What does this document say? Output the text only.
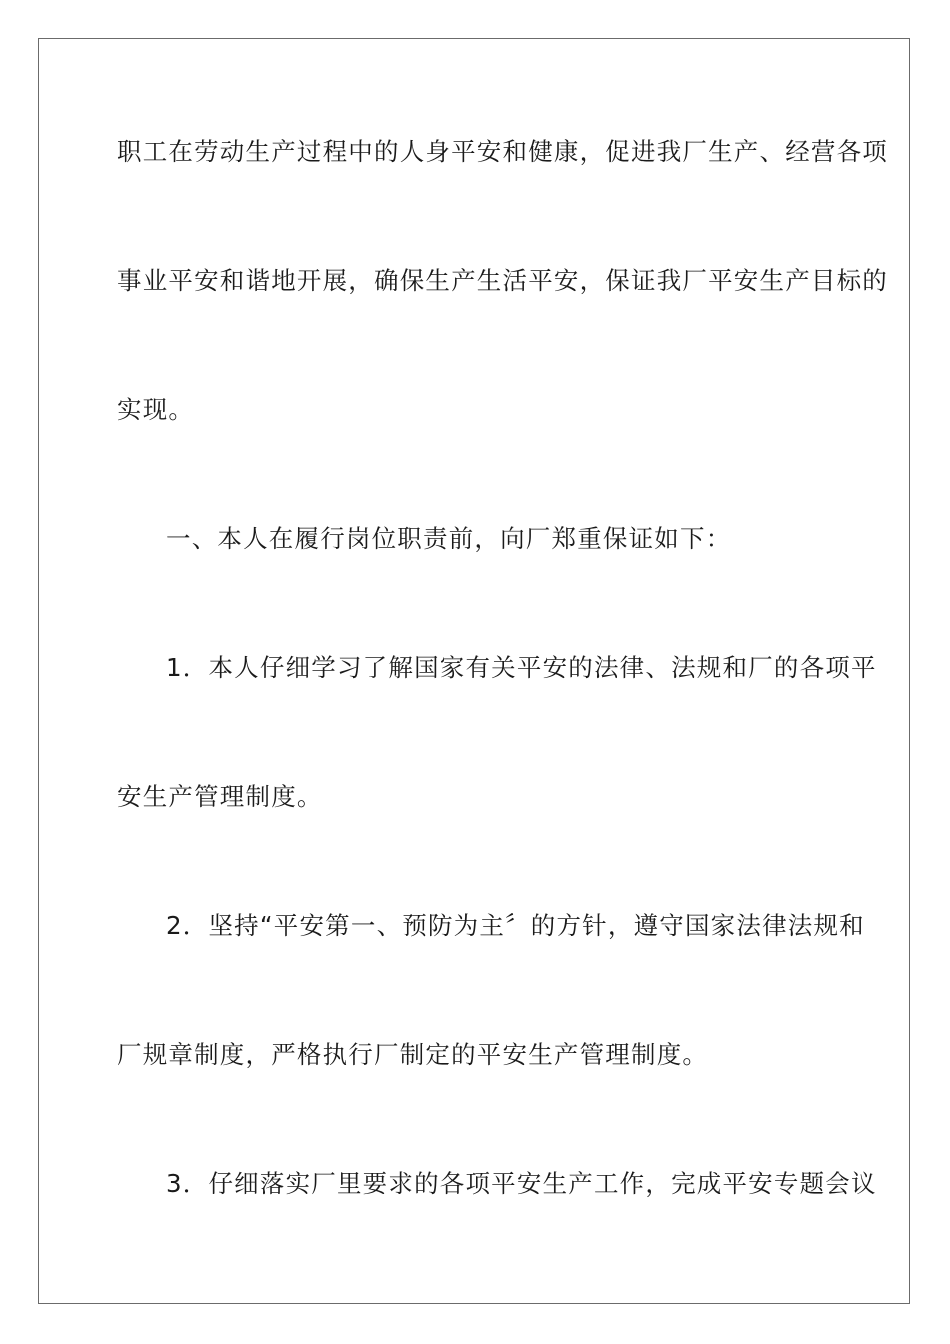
职工在劳动生产过程中的人身平安和健康，促进我厂生产、经营各项

事业平安和谐地开展，确保生产生活平安，保证我厂平安生产目标的

实现。

一、本人在履行岗位职责前，向厂郑重保证如下：

1．本人仔细学习了解国家有关平安的法律、法规和厂的各项平

安生产管理制度。

2．坚持“平安第一、预防为主〞的方针，遵守国家法律法规和

厂规章制度，严格执行厂制定的平安生产管理制度。

3．仔细落实厂里要求的各项平安生产工作，完成平安专题会议
